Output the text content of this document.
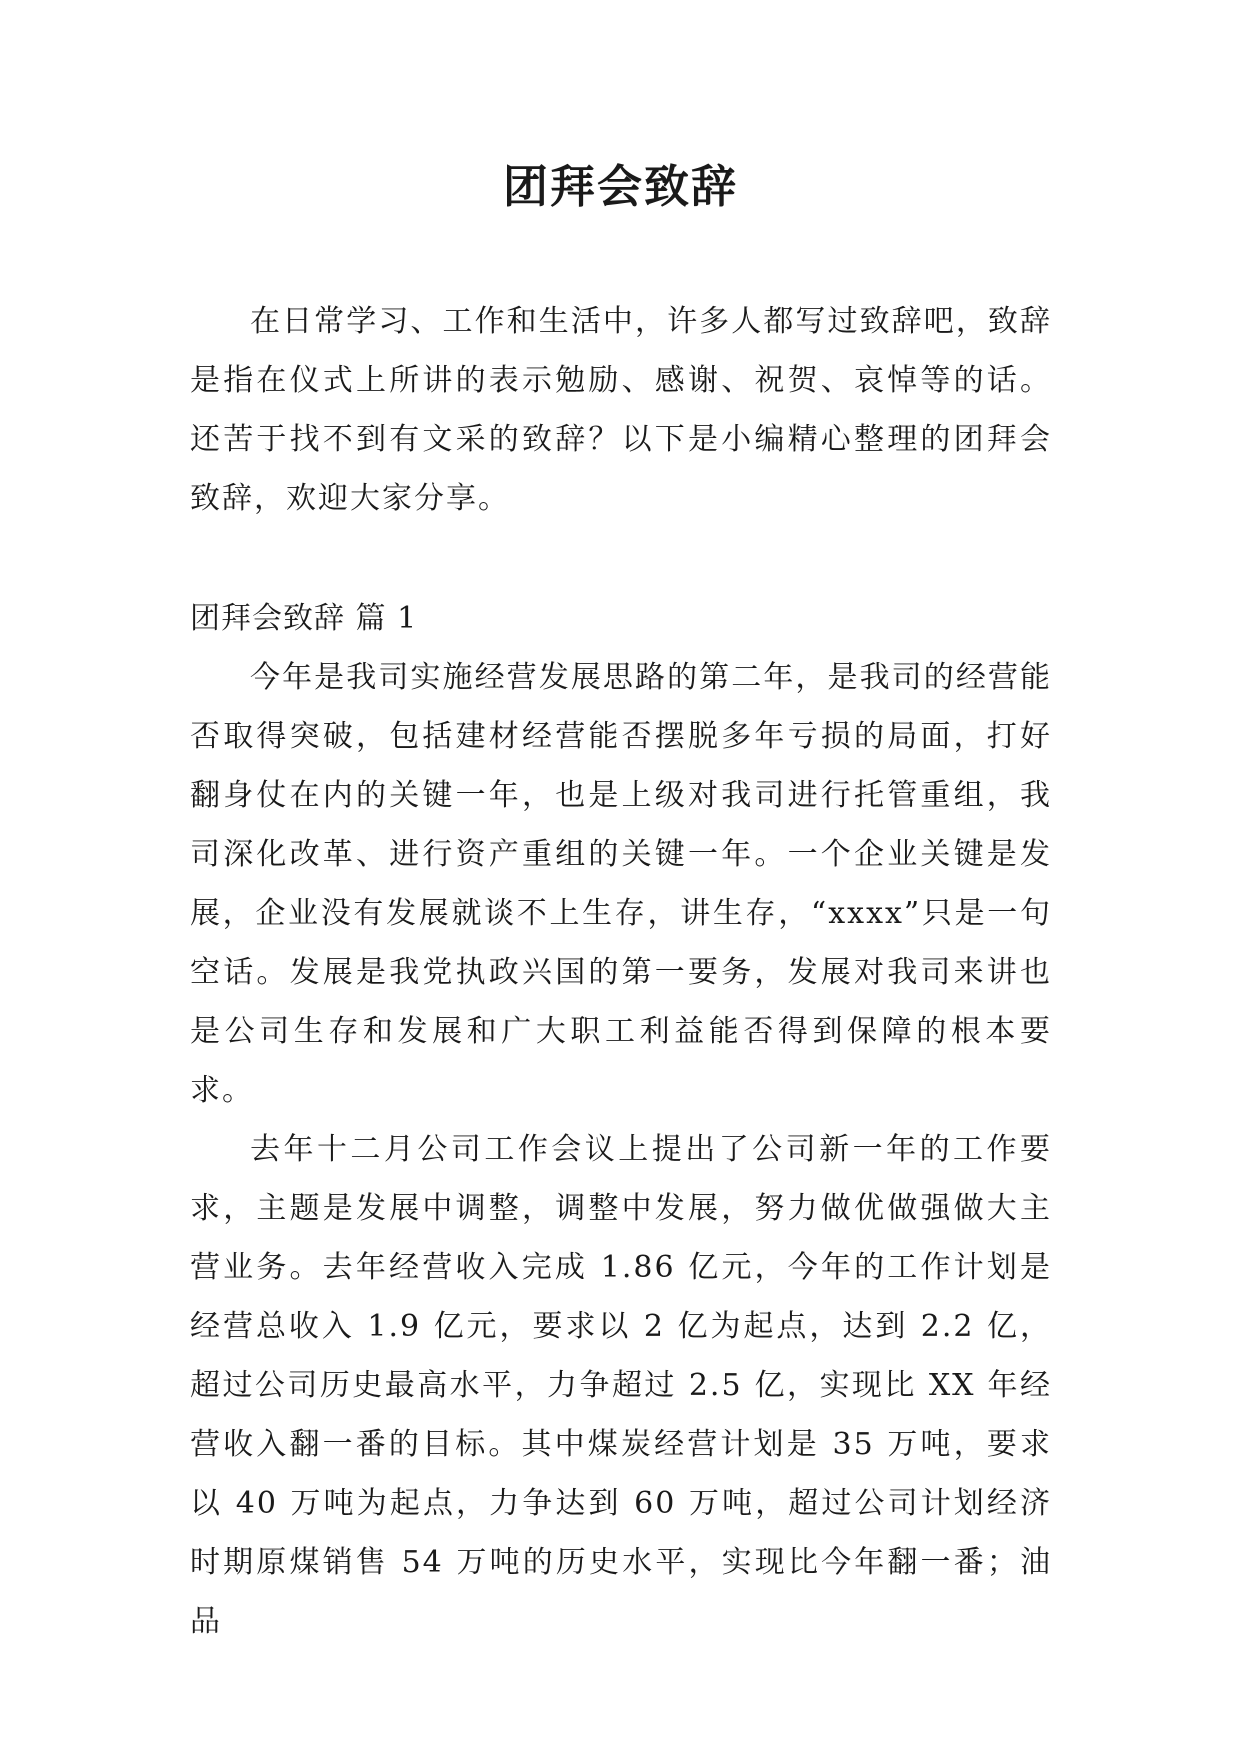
团拜会致辞

在日常学习、工作和生活中，许多人都写过致辞吧，致辞是指在仪式上所讲的表示勉励、感谢、祝贺、哀悼等的话。还苦于找不到有文采的致辞？以下是小编精心整理的团拜会致辞，欢迎大家分享。

团拜会致辞 篇 1

今年是我司实施经营发展思路的第二年，是我司的经营能否取得突破，包括建材经营能否摆脱多年亏损的局面，打好翻身仗在内的关键一年，也是上级对我司进行托管重组，我司深化改革、进行资产重组的关键一年。一个企业关键是发展，企业没有发展就谈不上生存，讲生存，“xxxx”只是一句空话。发展是我党执政兴国的第一要务，发展对我司来讲也是公司生存和发展和广大职工利益能否得到保障的根本要求。

去年十二月公司工作会议上提出了公司新一年的工作要求，主题是发展中调整，调整中发展，努力做优做强做大主营业务。去年经营收入完成 1.86 亿元，今年的工作计划是经营总收入 1.9 亿元，要求以 2 亿为起点，达到 2.2 亿，超过公司历史最高水平，力争超过 2.5 亿，实现比 XX 年经营收入翻一番的目标。其中煤炭经营计划是 35 万吨，要求以 40 万吨为起点，力争达到 60 万吨，超过公司计划经济时期原煤销售 54 万吨的历史水平，实现比今年翻一番；油品
